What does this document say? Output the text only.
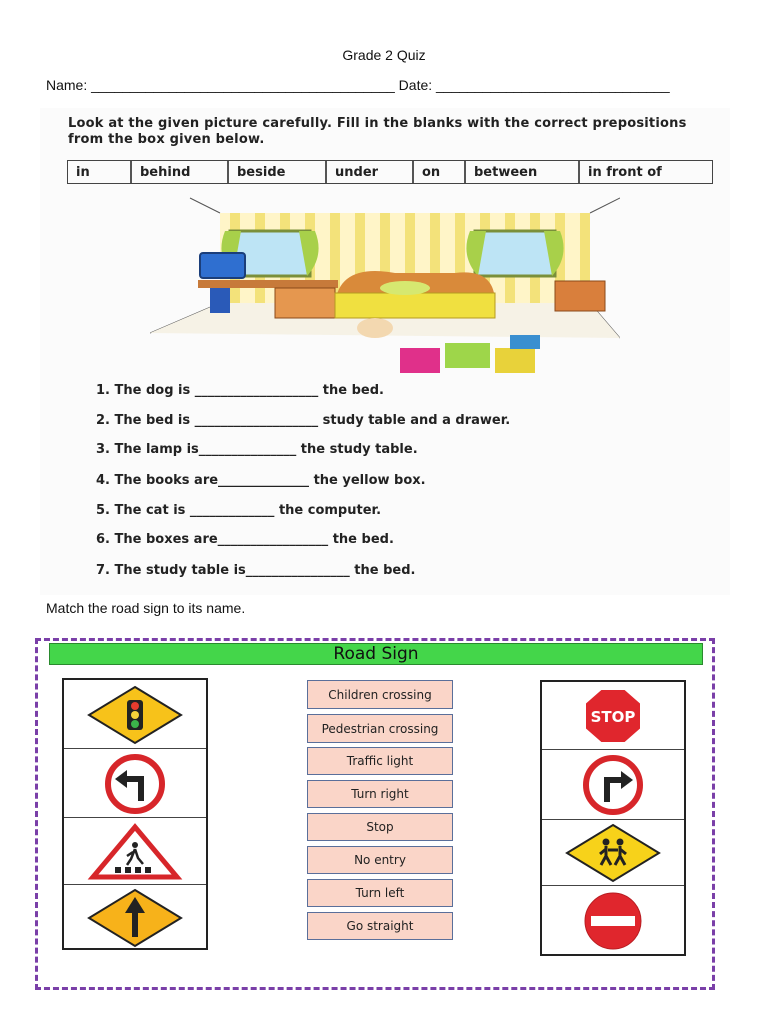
Grade 2 Quiz
Name: _______________________________________ Date: ______________________________
Look at the given picture carefully. Fill in the blanks with the correct prepositions from the box given below.
in	behind	beside	under	on	between	in front of
1. The dog is ___________________ the bed.
2. The bed is ___________________ study table and a drawer.
3. The lamp is_______________ the study table.
4. The books are______________ the yellow box.
5. The cat is _____________ the computer.
6. The boxes are_________________ the bed.
7. The study table is________________ the bed.
Match the road sign to its name.
Road Sign
Children crossing
Pedestrian crossing
Traffic light
Turn right
Stop
No entry
Turn left
Go straight
STOP
